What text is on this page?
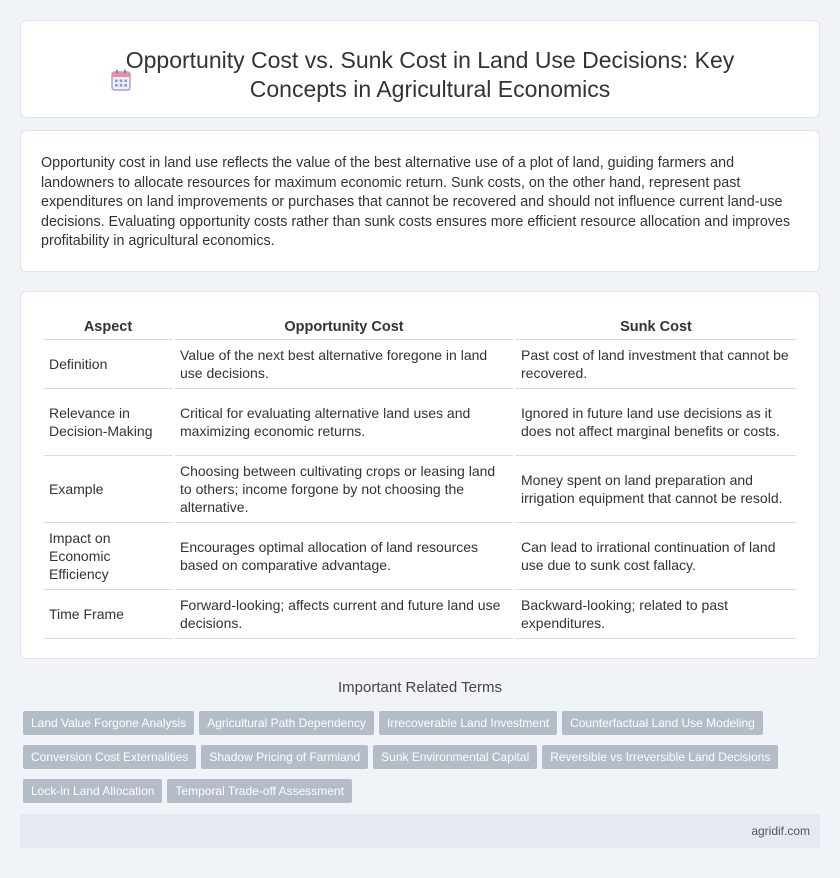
Opportunity Cost vs. Sunk Cost in Land Use Decisions: Key Concepts in Agricultural Economics

Opportunity cost in land use reflects the value of the best alternative use of a plot of land, guiding farmers and landowners to allocate resources for maximum economic return. Sunk costs, on the other hand, represent past expenditures on land improvements or purchases that cannot be recovered and should not influence current land-use decisions. Evaluating opportunity costs rather than sunk costs ensures more efficient resource allocation and improves profitability in agricultural economics.

Aspect	Opportunity Cost	Sunk Cost
Definition	Value of the next best alternative foregone in land use decisions.	Past cost of land investment that cannot be recovered.
Relevance in Decision-Making	Critical for evaluating alternative land uses and maximizing economic returns.	Ignored in future land use decisions as it does not affect marginal benefits or costs.
Example	Choosing between cultivating crops or leasing land to others; income forgone by not choosing the alternative.	Money spent on land preparation and irrigation equipment that cannot be resold.
Impact on Economic Efficiency	Encourages optimal allocation of land resources based on comparative advantage.	Can lead to irrational continuation of land use due to sunk cost fallacy.
Time Frame	Forward-looking; affects current and future land use decisions.	Backward-looking; related to past expenditures.
Important Related Terms
Land Value Forgone Analysis Agricultural Path Dependency Irrecoverable Land Investment Counterfactual Land Use Modeling
Conversion Cost Externalities Shadow Pricing of Farmland Sunk Environmental Capital Reversible vs Irreversible Land Decisions
Lock-in Land Allocation Temporal Trade-off Assessment
agridif.com
